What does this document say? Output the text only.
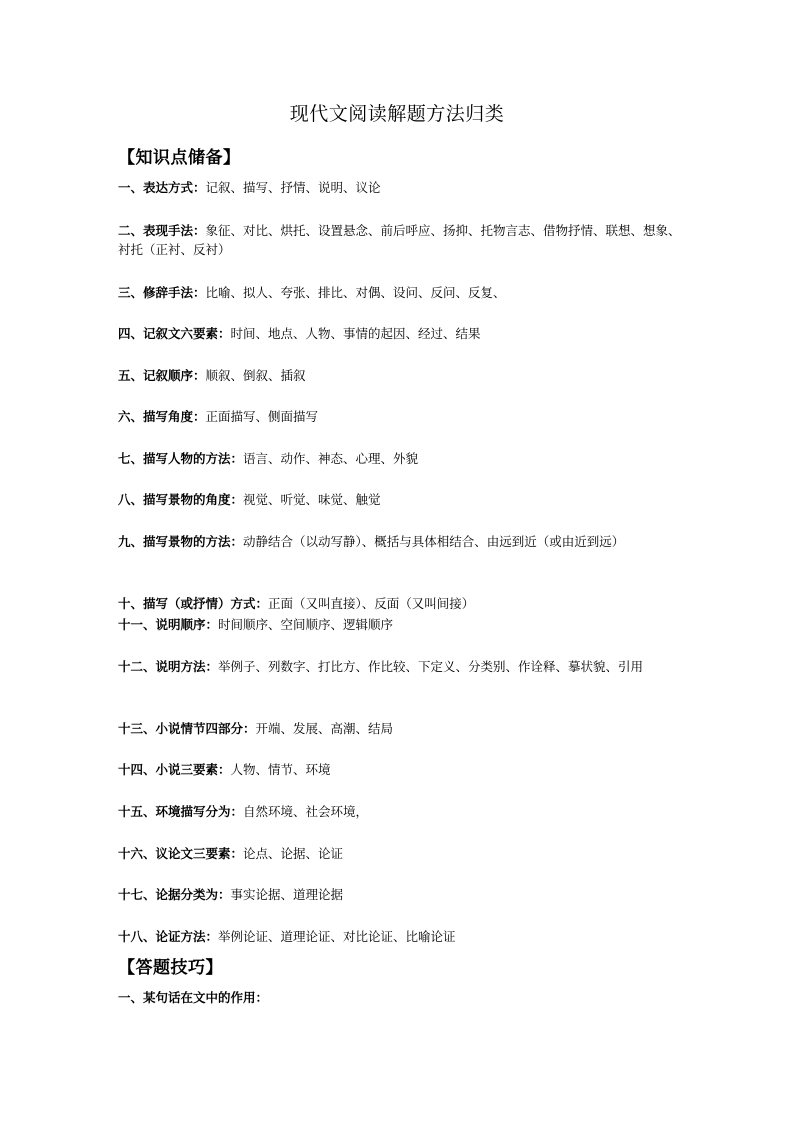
现代文阅读解题方法归类
【知识点储备】
一、表达方式：记叙、描写、抒情、说明、议论
二、表现手法：象征、对比、烘托、设置悬念、前后呼应、扬抑、托物言志、借物抒情、联想、想象、衬托（正衬、反衬）
三、修辞手法：比喻、拟人、夸张、排比、对偶、设问、反问、反复、
四、记叙文六要素：时间、地点、人物、事情的起因、经过、结果
五、记叙顺序：顺叙、倒叙、插叙
六、描写角度：正面描写、侧面描写
七、描写人物的方法：语言、动作、神态、心理、外貌
八、描写景物的角度：视觉、听觉、味觉、触觉
九、描写景物的方法：动静结合（以动写静）、概括与具体相结合、由远到近（或由近到远）
十、描写（或抒情）方式：正面（又叫直接）、反面（又叫间接）
十一、说明顺序：时间顺序、空间顺序、逻辑顺序
十二、说明方法：举例子、列数字、打比方、作比较、下定义、分类别、作诠释、摹状貌、引用
十三、小说情节四部分：开端、发展、高潮、结局
十四、小说三要素：人物、情节、环境
十五、环境描写分为：自然环境、社会环境，
十六、议论文三要素：论点、论据、论证
十七、论据分类为：事实论据、道理论据
十八、论证方法：举例论证、道理论证、对比论证、比喻论证
【答题技巧】
一、某句话在文中的作用：
